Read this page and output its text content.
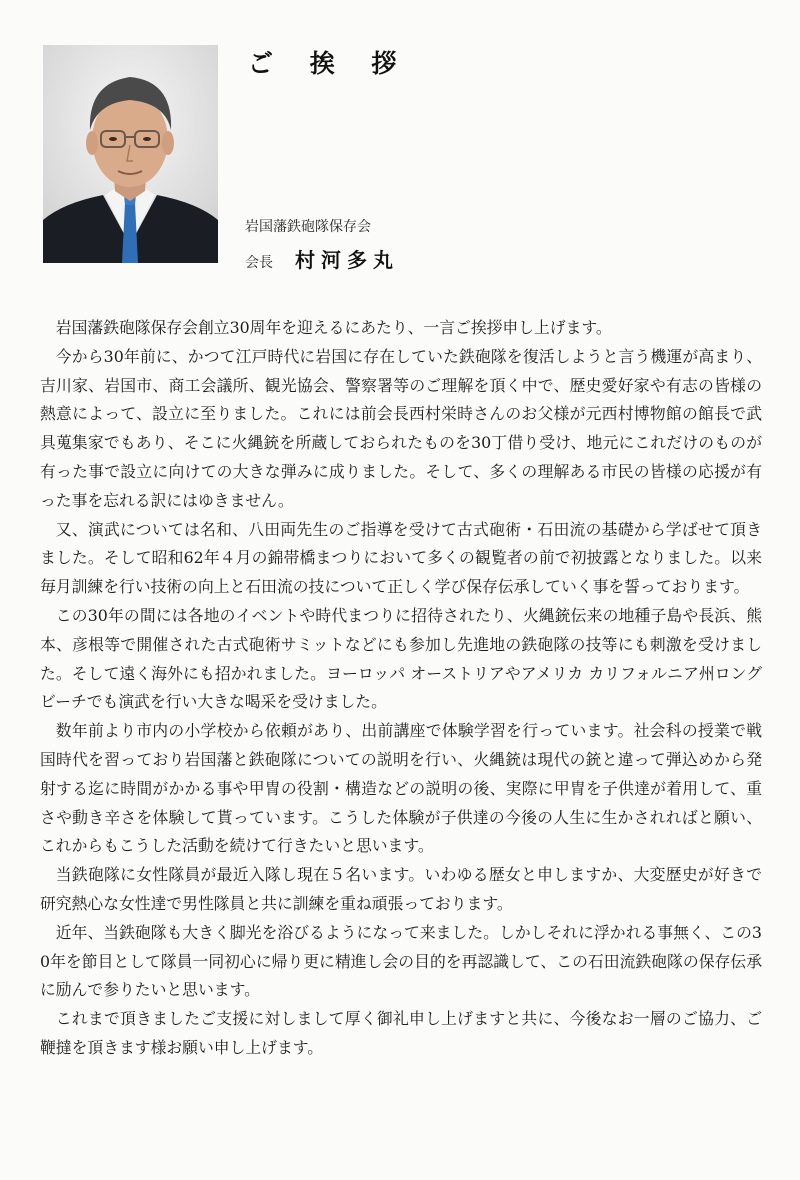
ご 挨 拶
岩国藩鉄砲隊保存会
会長 村河多丸

岩国藩鉄砲隊保存会創立30周年を迎えるにあたり、一言ご挨拶申し上げます。

今から30年前に、かつて江戸時代に岩国に存在していた鉄砲隊を復活しようと言う機運が高まり、吉川家、岩国市、商工会議所、観光協会、警察署等のご理解を頂く中で、歴史愛好家や有志の皆様の熱意によって、設立に至りました。これには前会長西村栄時さんのお父様が元西村博物館の館長で武具蒐集家でもあり、そこに火縄銃を所蔵しておられたものを30丁借り受け、地元にこれだけのものが有った事で設立に向けての大きな弾みに成りました。そして、多くの理解ある市民の皆様の応援が有った事を忘れる訳にはゆきません。

又、演武については名和、八田両先生のご指導を受けて古式砲術・石田流の基礎から学ばせて頂きました。そして昭和62年４月の錦帯橋まつりにおいて多くの観覧者の前で初披露となりました。以来毎月訓練を行い技術の向上と石田流の技について正しく学び保存伝承していく事を誓っております。

この30年の間には各地のイベントや時代まつりに招待されたり、火縄銃伝来の地種子島や長浜、熊本、彦根等で開催された古式砲術サミットなどにも参加し先進地の鉄砲隊の技等にも刺激を受けました。そして遠く海外にも招かれました。ヨーロッパ オーストリアやアメリカ カリフォルニア州ロングビーチでも演武を行い大きな喝采を受けました。

数年前より市内の小学校から依頼があり、出前講座で体験学習を行っています。社会科の授業で戦国時代を習っており岩国藩と鉄砲隊についての説明を行い、火縄銃は現代の銃と違って弾込めから発射する迄に時間がかかる事や甲冑の役割・構造などの説明の後、実際に甲冑を子供達が着用して、重さや動き辛さを体験して貰っています。こうした体験が子供達の今後の人生に生かされればと願い、これからもこうした活動を続けて行きたいと思います。

当鉄砲隊に女性隊員が最近入隊し現在５名います。いわゆる歴女と申しますか、大変歴史が好きで研究熱心な女性達で男性隊員と共に訓練を重ね頑張っております。

近年、当鉄砲隊も大きく脚光を浴びるようになって来ました。しかしそれに浮かれる事無く、この30年を節目として隊員一同初心に帰り更に精進し会の目的を再認識して、この石田流鉄砲隊の保存伝承に励んで参りたいと思います。

これまで頂きましたご支援に対しまして厚く御礼申し上げますと共に、今後なお一層のご協力、ご鞭撻を頂きます様お願い申し上げます。
